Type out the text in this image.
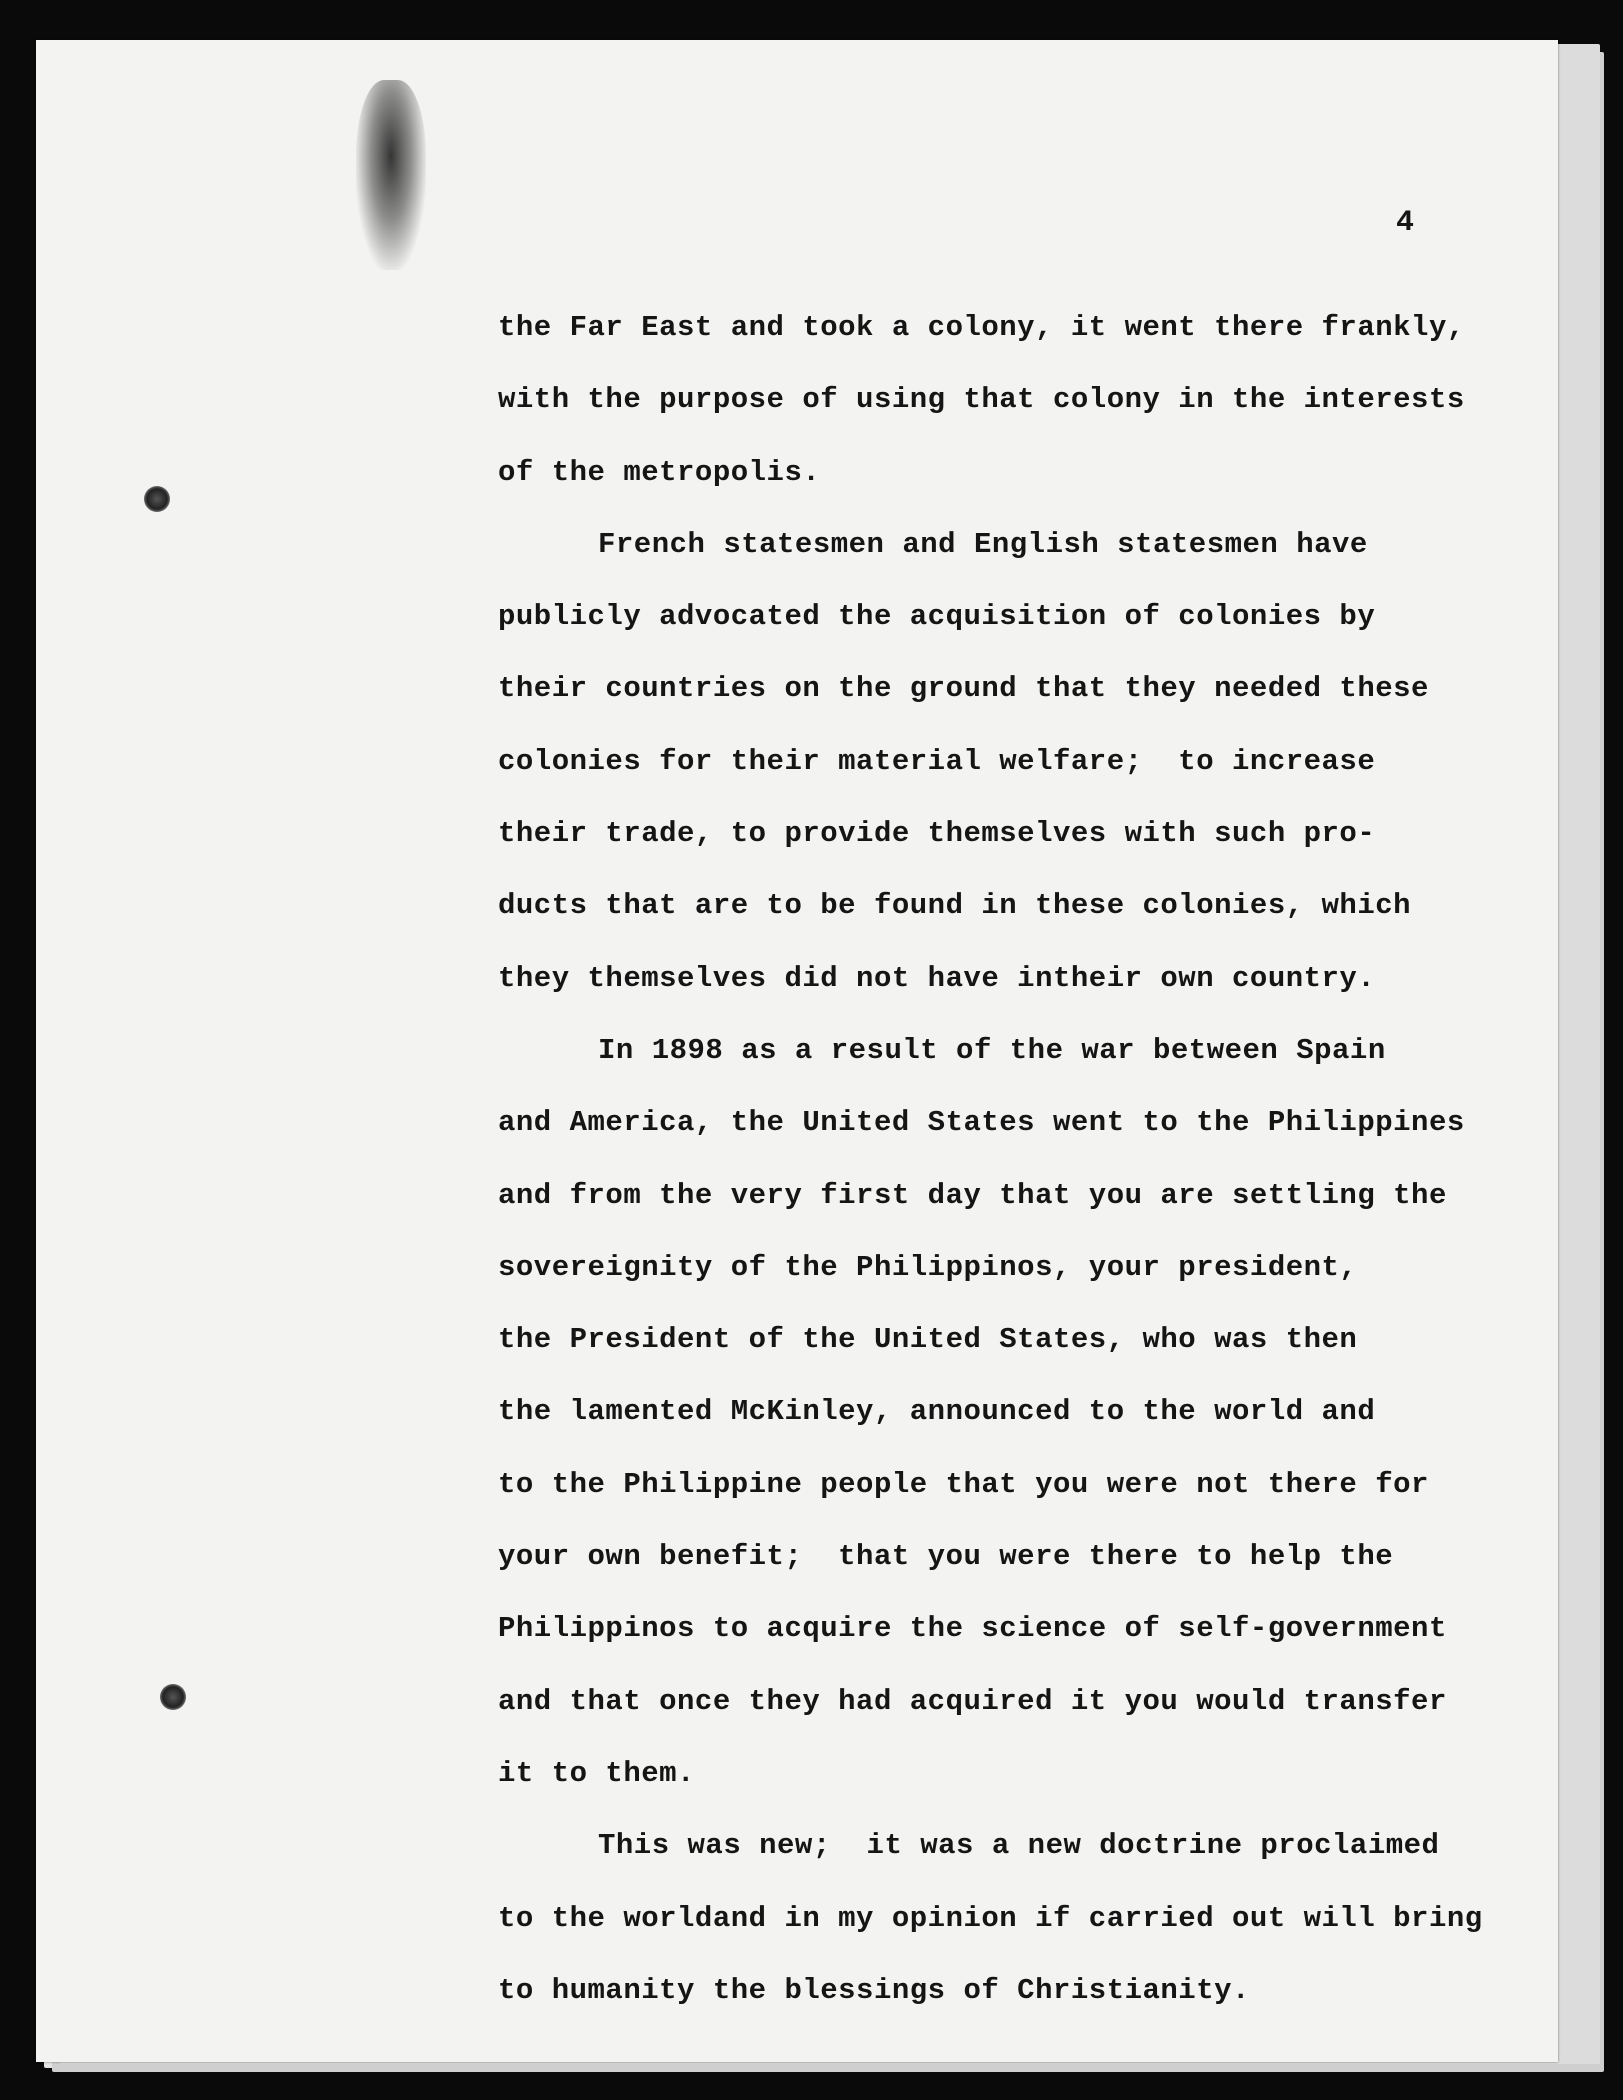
4
the Far East and took a colony, it went there frankly,
with the purpose of using that colony in the interests
of the metropolis.
French statesmen and English statesmen have
publicly advocated the acquisition of colonies by
their countries on the ground that they needed these
colonies for their material welfare;  to increase
their trade, to provide themselves with such pro-
ducts that are to be found in these colonies, which
they themselves did not have intheir own country.
In 1898 as a result of the war between Spain
and America, the United States went to the Philippines
and from the very first day that you are settling the
sovereignity of the Philippinos, your president,
the President of the United States, who was then
the lamented McKinley, announced to the world and
to the Philippine people that you were not there for
your own benefit;  that you were there to help the
Philippinos to acquire the science of self-government
and that once they had acquired it you would transfer
it to them.
This was new;  it was a new doctrine proclaimed
to the worldand in my opinion if carried out will bring
to humanity the blessings of Christianity.
